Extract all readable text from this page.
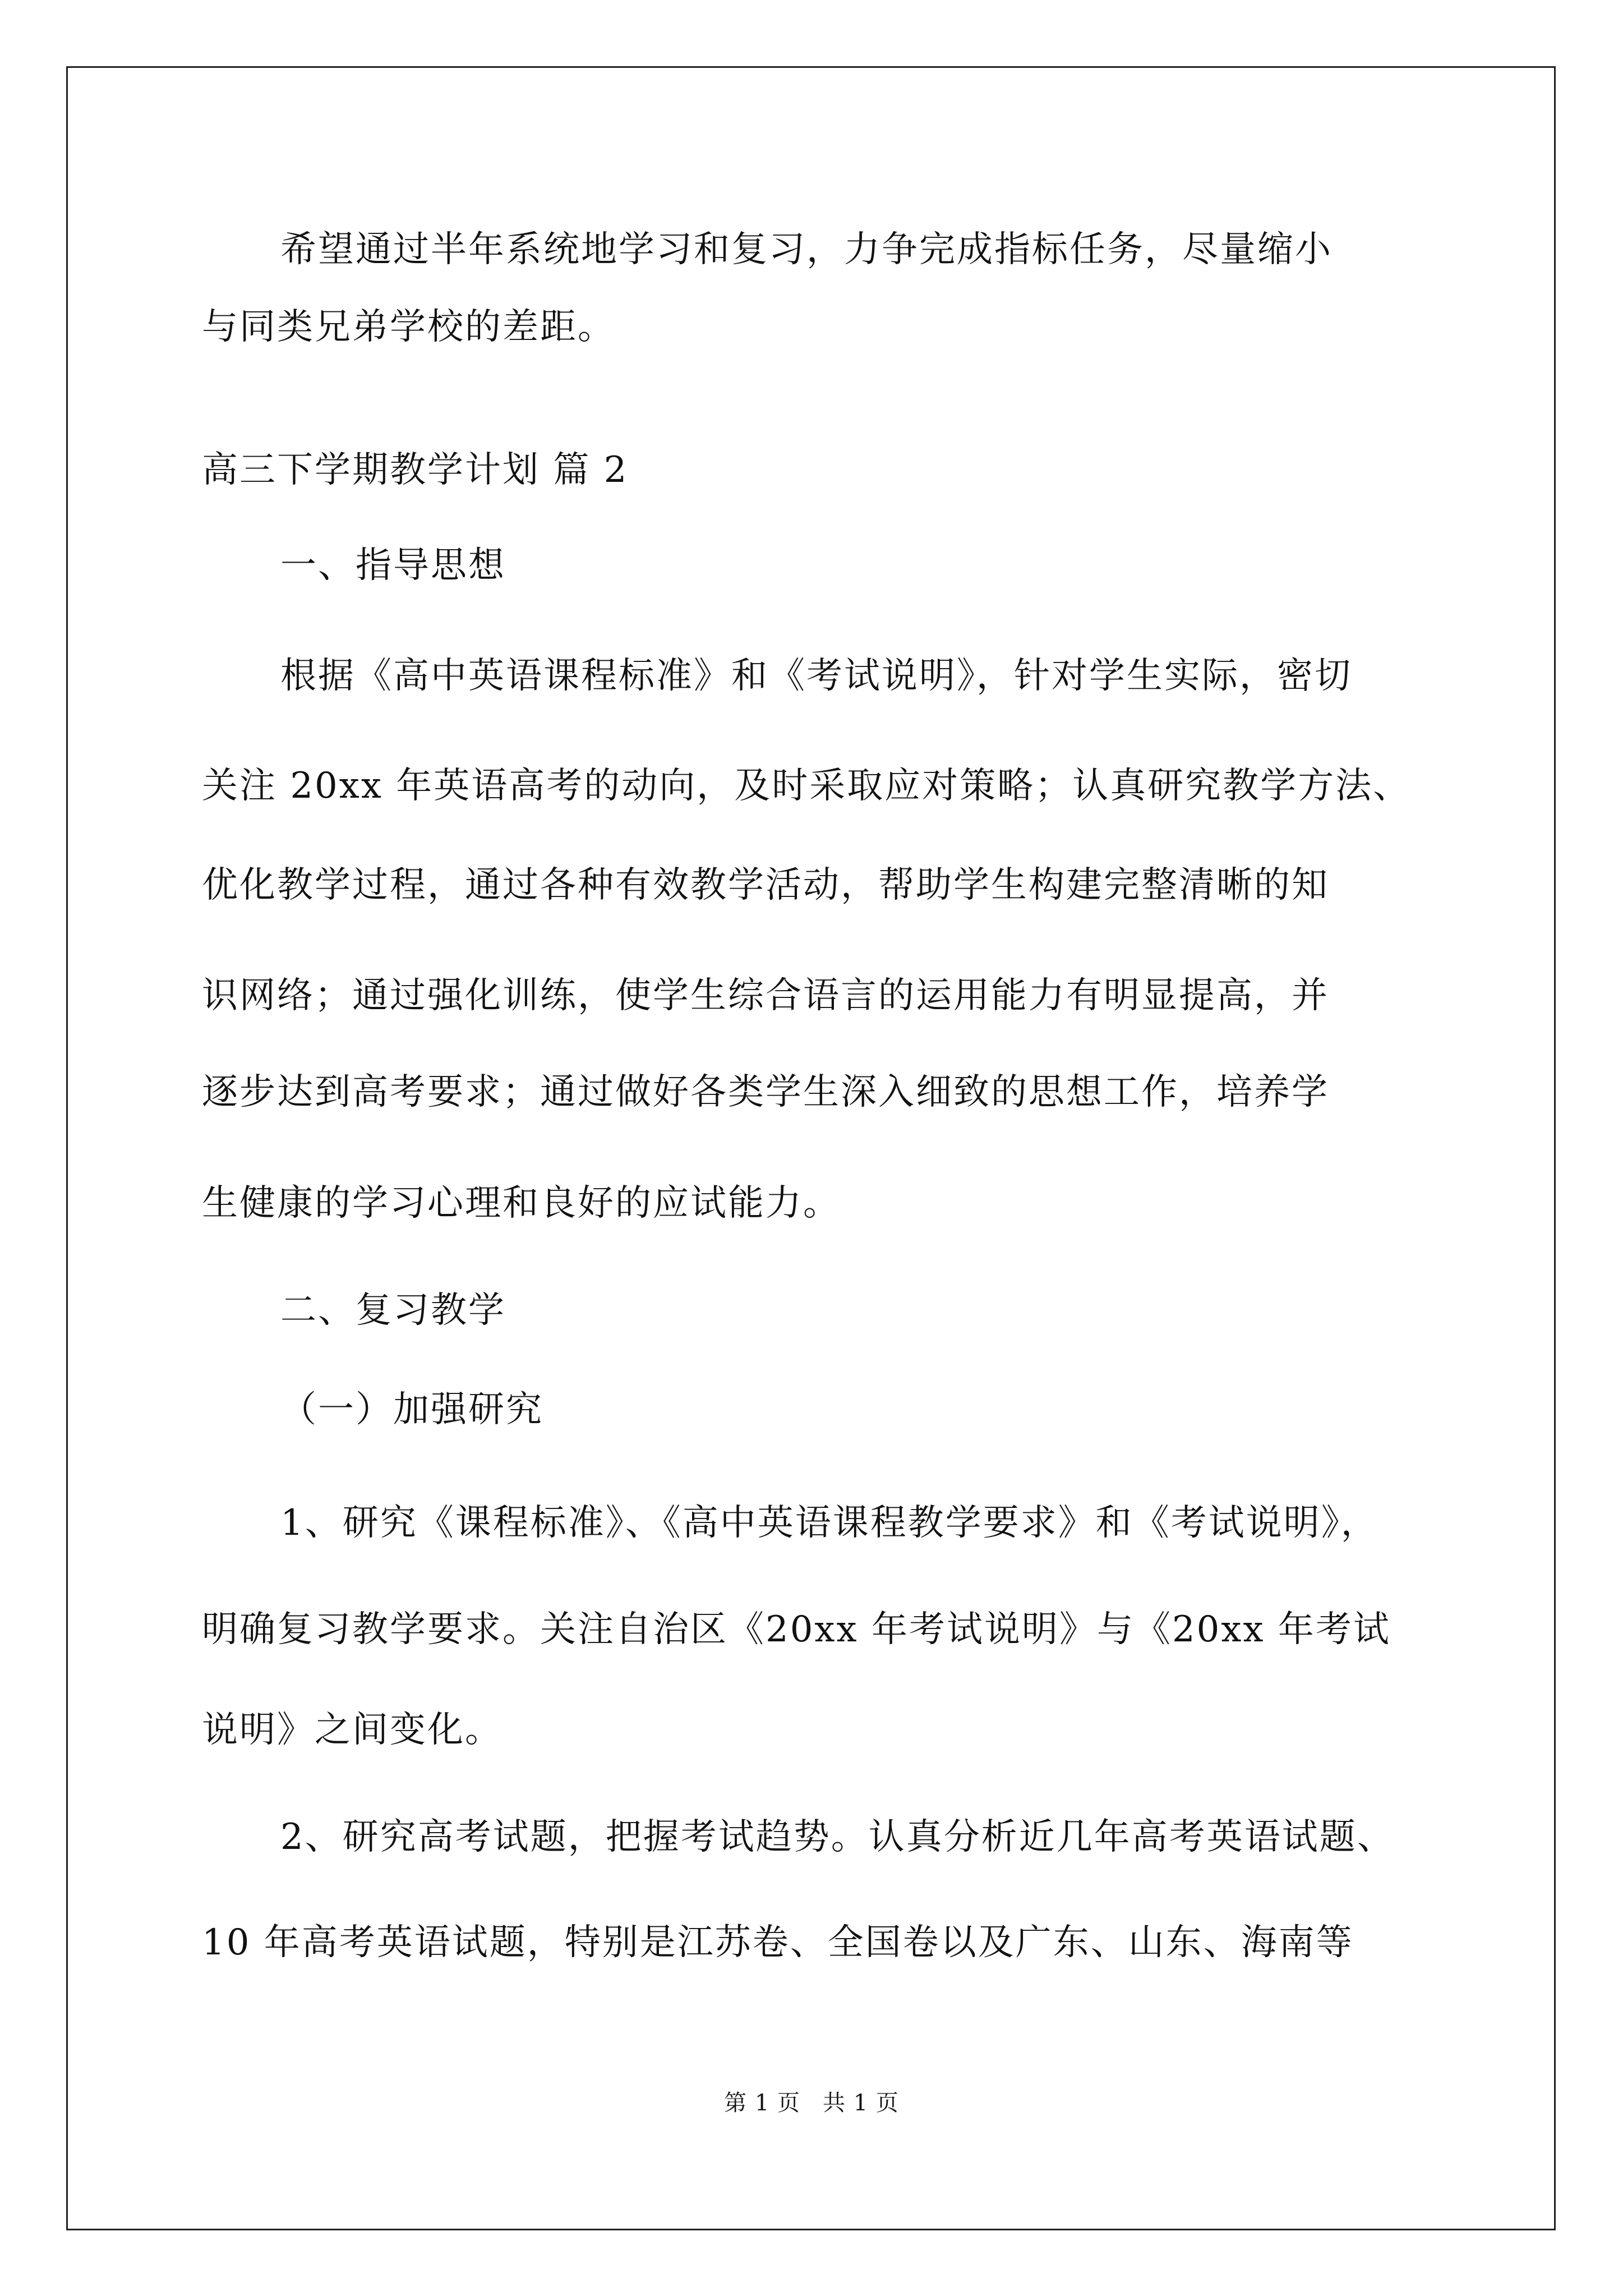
希望通过半年系统地学习和复习，力争完成指标任务，尽量缩小
与同类兄弟学校的差距。
高三下学期教学计划 篇 2
一、指导思想
根据《高中英语课程标准》和《考试说明》，针对学生实际，密切
关注 20xx 年英语高考的动向，及时采取应对策略；认真研究教学方法、
优化教学过程，通过各种有效教学活动，帮助学生构建完整清晰的知
识网络；通过强化训练，使学生综合语言的运用能力有明显提高，并
逐步达到高考要求；通过做好各类学生深入细致的思想工作，培养学
生健康的学习心理和良好的应试能力。
二、复习教学
（一）加强研究
1、研究《课程标准》、《高中英语课程教学要求》和《考试说明》，
明确复习教学要求。关注自治区《20xx 年考试说明》与《20xx 年考试
说明》之间变化。
2、研究高考试题，把握考试趋势。认真分析近几年高考英语试题、
10 年高考英语试题，特别是江苏卷、全国卷以及广东、山东、海南等
第 1 页 共 1 页
